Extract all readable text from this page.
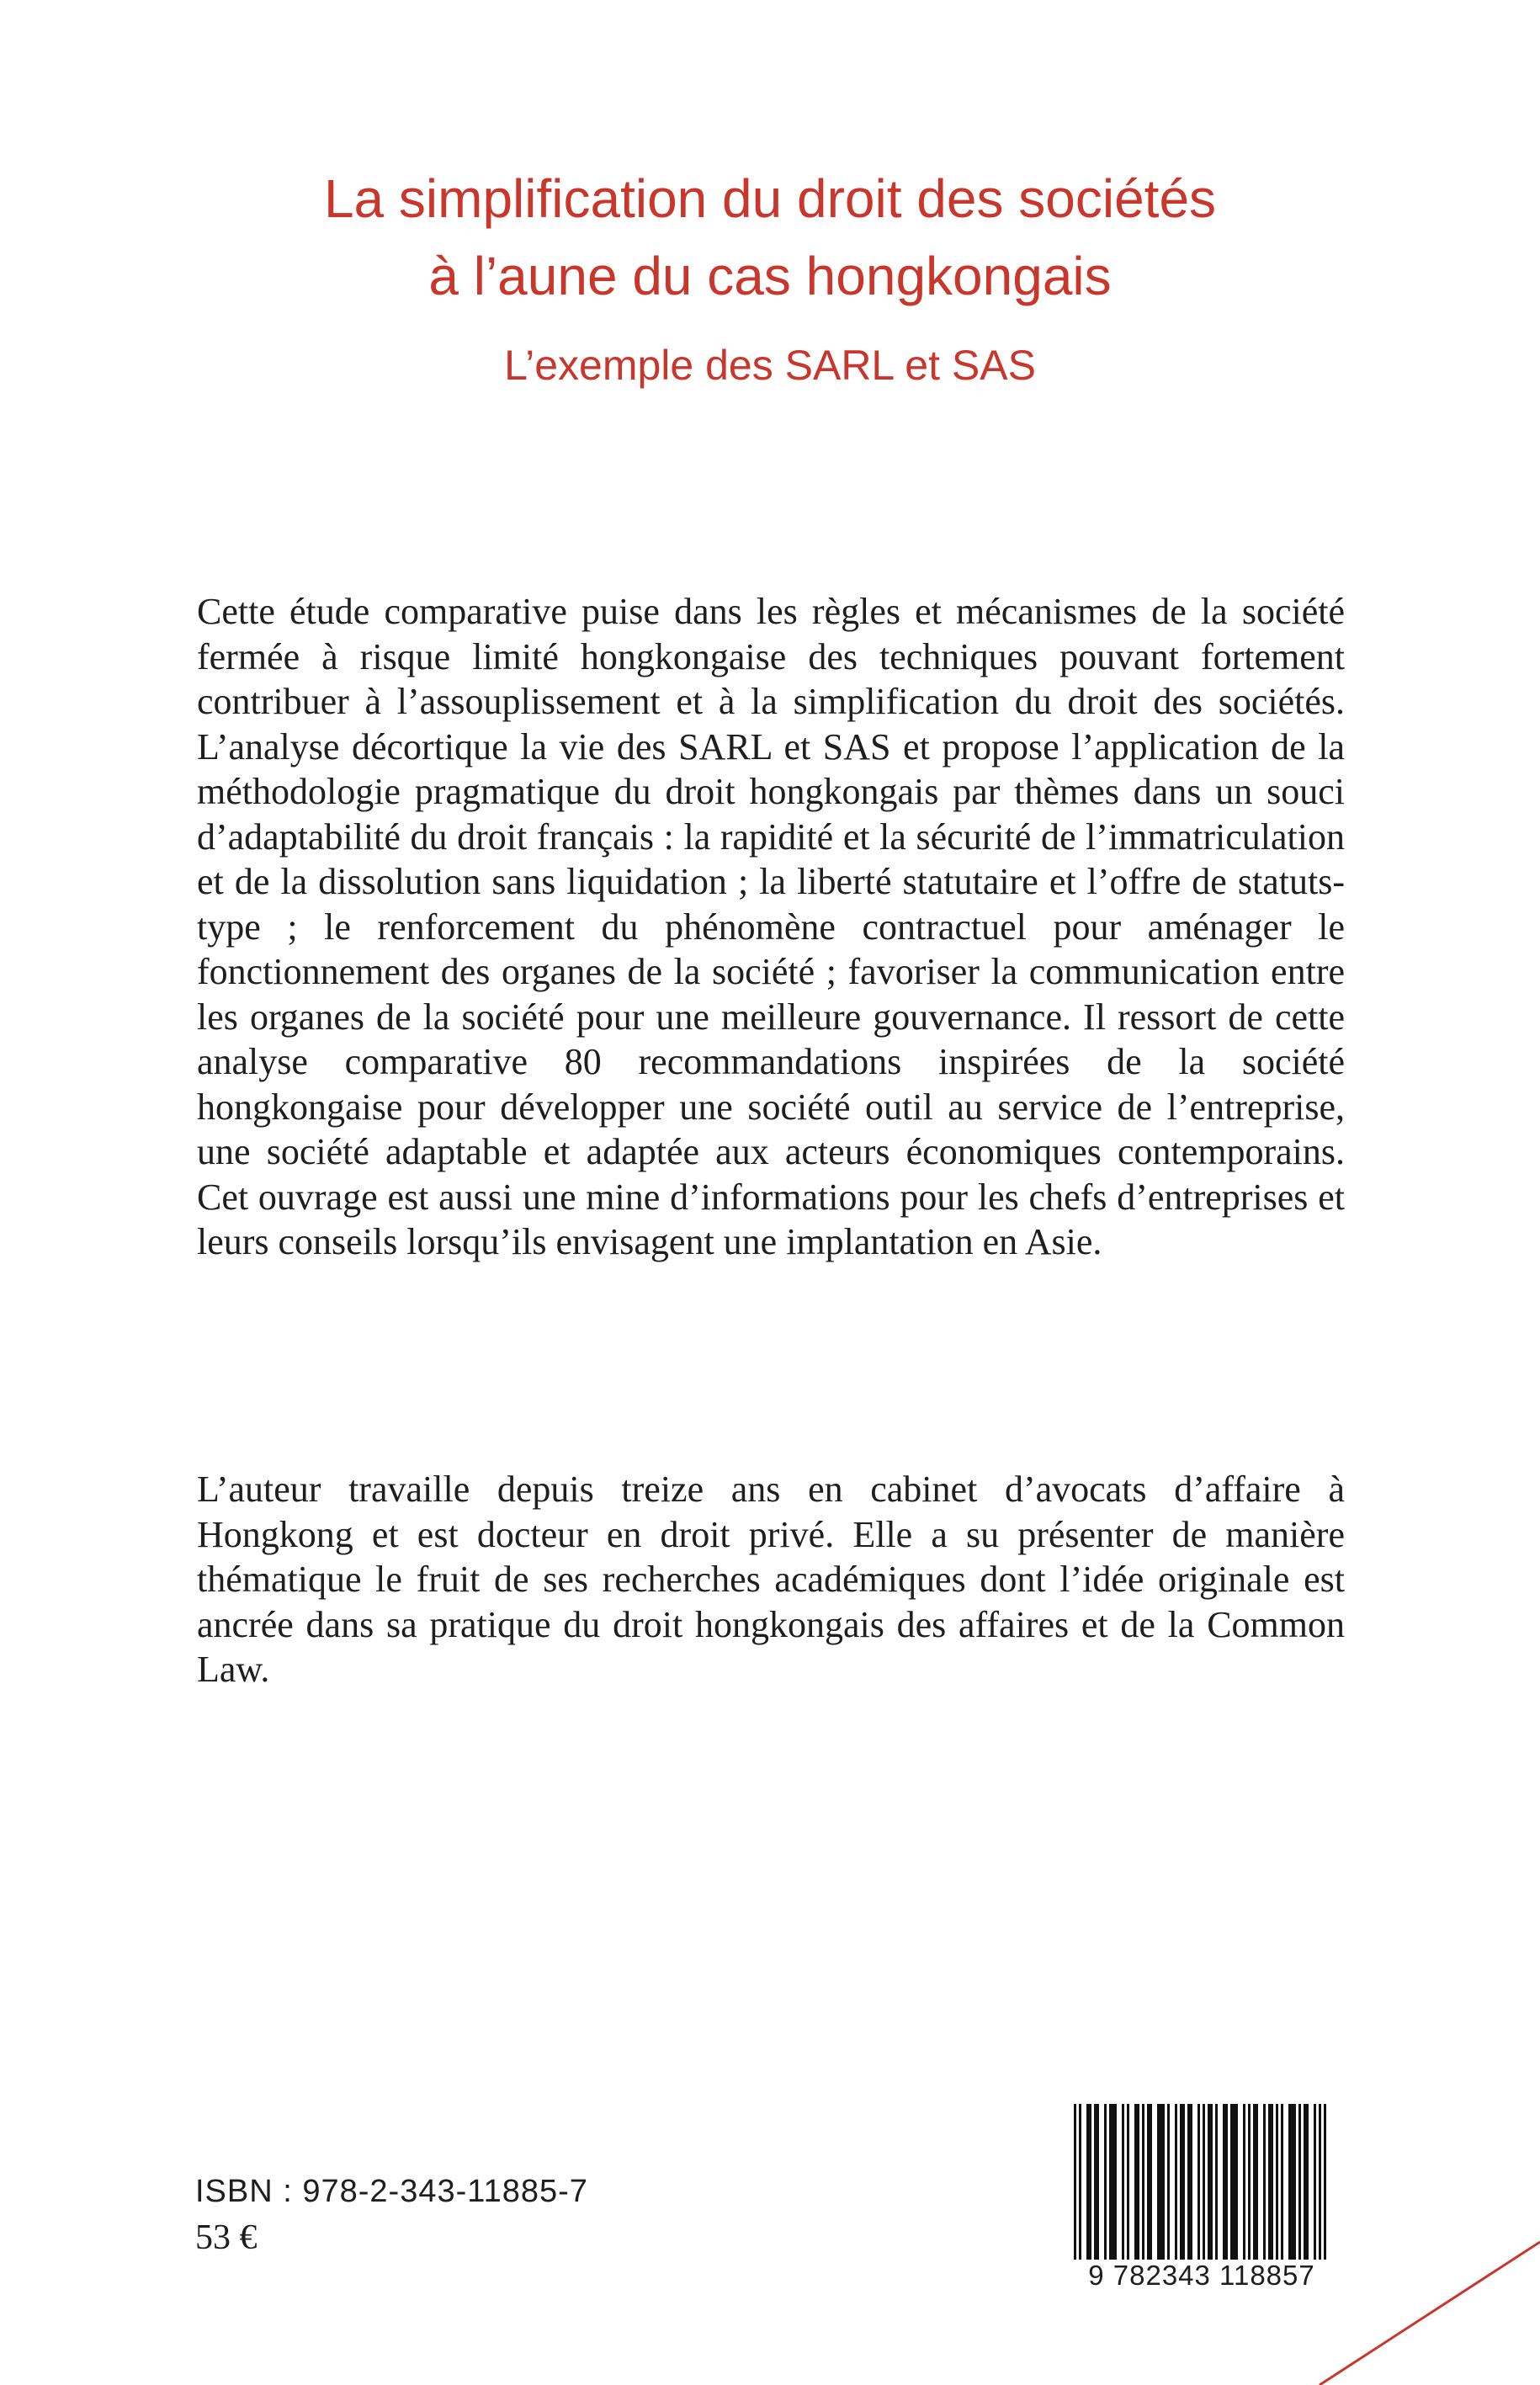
La simplification du droit des sociétés
à l’aune du cas hongkongais
L’exemple des SARL et SAS

Cette étude comparative puise dans les règles et mécanismes de la société fermée à risque limité hongkongaise des techniques pouvant fortement contribuer à l’assouplissement et à la simplification du droit des sociétés. L’analyse décortique la vie des SARL et SAS et propose l’application de la méthodologie pragmatique du droit hongkongais par thèmes dans un souci d’adaptabilité du droit français : la rapidité et la sécurité de l’immatriculation et de la dissolution sans liquidation ; la liberté statutaire et l’offre de statuts-type ; le renforcement du phénomène contractuel pour aménager le fonctionnement des organes de la société ; favoriser la communication entre les organes de la société pour une meilleure gouvernance. Il ressort de cette analyse comparative 80 recommandations inspirées de la société hongkongaise pour développer une société outil au service de l’entreprise, une société adaptable et adaptée aux acteurs économiques contemporains. Cet ouvrage est aussi une mine d’informations pour les chefs d’entreprises et leurs conseils lorsqu’ils envisagent une implantation en Asie.

L’auteur travaille depuis treize ans en cabinet d’avocats d’affaire à Hongkong et est docteur en droit privé. Elle a su présenter de manière thématique le fruit de ses recherches académiques dont l’idée originale est ancrée dans sa pratique du droit hongkongais des affaires et de la Common Law.

ISBN : 978-2-343-11885-7
53 €
9 782343 118857
